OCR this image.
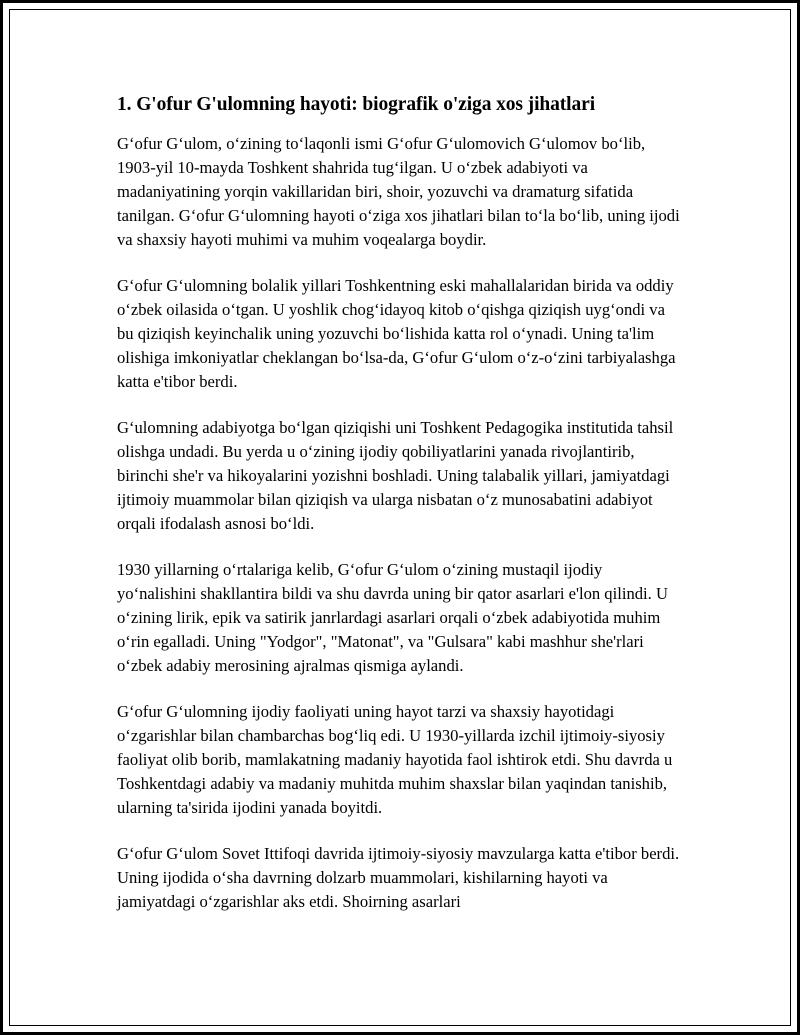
1. G'ofur G'ulomning hayoti: biografik o'ziga xos jihatlari

Gʻofur Gʻulom, oʻzining toʻlaqonli ismi Gʻofur Gʻulomovich Gʻulomov boʻlib, 1903-yil 10-mayda Toshkent shahrida tugʻilgan. U oʻzbek adabiyoti va madaniyatining yorqin vakillaridan biri, shoir, yozuvchi va dramaturg sifatida tanilgan. Gʻofur Gʻulomning hayoti oʻziga xos jihatlari bilan toʻla boʻlib, uning ijodi va shaxsiy hayoti muhimi va muhim voqealarga boydir.

Gʻofur Gʻulomning bolalik yillari Toshkentning eski mahallalaridan birida va oddiy oʻzbek oilasida oʻtgan. U yoshlik chogʻidayoq kitob oʻqishga qiziqish uygʻondi va bu qiziqish keyinchalik uning yozuvchi boʻlishida katta rol oʻynadi. Uning ta'lim olishiga imkoniyatlar cheklangan boʻlsa-da, Gʻofur Gʻulom oʻz-oʻzini tarbiyalashga katta e'tibor berdi.

Gʻulomning adabiyotga boʻlgan qiziqishi uni Toshkent Pedagogika institutida tahsil olishga undadi. Bu yerda u oʻzining ijodiy qobiliyatlarini yanada rivojlantirib, birinchi she'r va hikoyalarini yozishni boshladi. Uning talabalik yillari, jamiyatdagi ijtimoiy muammolar bilan qiziqish va ularga nisbatan oʻz munosabatini adabiyot orqali ifodalash asnosi boʻldi.

1930 yillarning oʻrtalariga kelib, Gʻofur Gʻulom oʻzining mustaqil ijodiy yoʻnalishini shakllantira bildi va shu davrda uning bir qator asarlari e'lon qilindi. U oʻzining lirik, epik va satirik janrlardagi asarlari orqali oʻzbek adabiyotida muhim oʻrin egalladi. Uning "Yodgor", "Matonat", va "Gulsara" kabi mashhur she'rlari oʻzbek adabiy merosining ajralmas qismiga aylandi.

Gʻofur Gʻulomning ijodiy faoliyati uning hayot tarzi va shaxsiy hayotidagi oʻzgarishlar bilan chambarchas bogʻliq edi. U 1930-yillarda izchil ijtimoiy-siyosiy faoliyat olib borib, mamlakatning madaniy hayotida faol ishtirok etdi. Shu davrda u Toshkentdagi adabiy va madaniy muhitda muhim shaxslar bilan yaqindan tanishib, ularning ta'sirida ijodini yanada boyitdi.

Gʻofur Gʻulom Sovet Ittifoqi davrida ijtimoiy-siyosiy mavzularga katta e'tibor berdi. Uning ijodida oʻsha davrning dolzarb muammolari, kishilarning hayoti va jamiyatdagi oʻzgarishlar aks etdi. Shoirning asarlari
